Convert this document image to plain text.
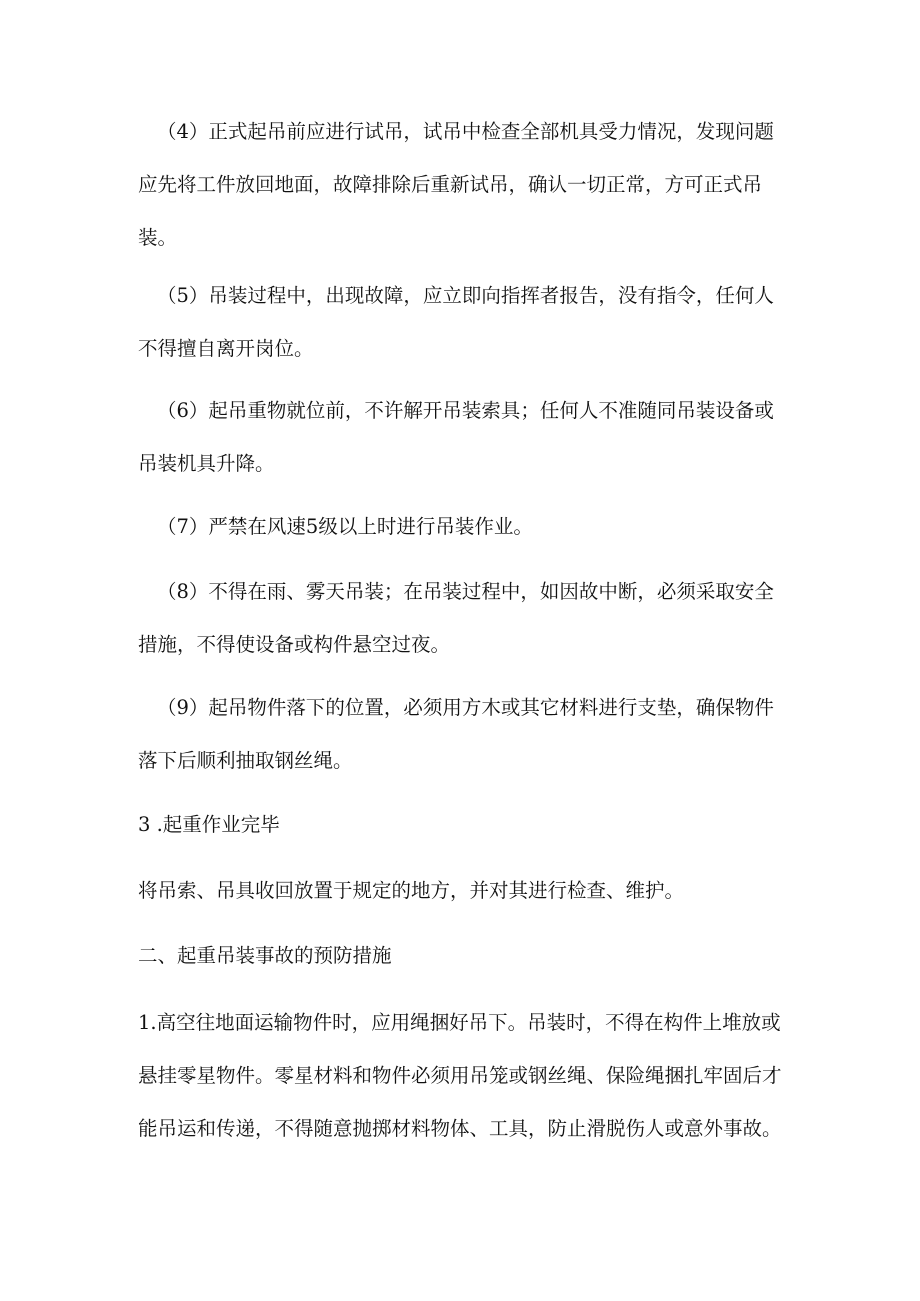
（4）正式起吊前应进行试吊，试吊中检查全部机具受力情况，发现问题应先将工件放回地面，故障排除后重新试吊，确认一切正常，方可正式吊装。

（5）吊装过程中，出现故障，应立即向指挥者报告，没有指令，任何人不得擅自离开岗位。

（6）起吊重物就位前，不许解开吊装索具；任何人不准随同吊装设备或吊装机具升降。

（7）严禁在风速5级以上时进行吊装作业。

（8）不得在雨、雾天吊装；在吊装过程中，如因故中断，必须采取安全措施，不得使设备或构件悬空过夜。

（9）起吊物件落下的位置，必须用方木或其它材料进行支垫，确保物件落下后顺利抽取钢丝绳。

3 .起重作业完毕

将吊索、吊具收回放置于规定的地方，并对其进行检查、维护。

二、起重吊装事故的预防措施

1.高空往地面运输物件时，应用绳捆好吊下。吊装时，不得在构件上堆放或悬挂零星物件。零星材料和物件必须用吊笼或钢丝绳、保险绳捆扎牢固后才能吊运和传递，不得随意抛掷材料物体、工具，防止滑脱伤人或意外事故。
